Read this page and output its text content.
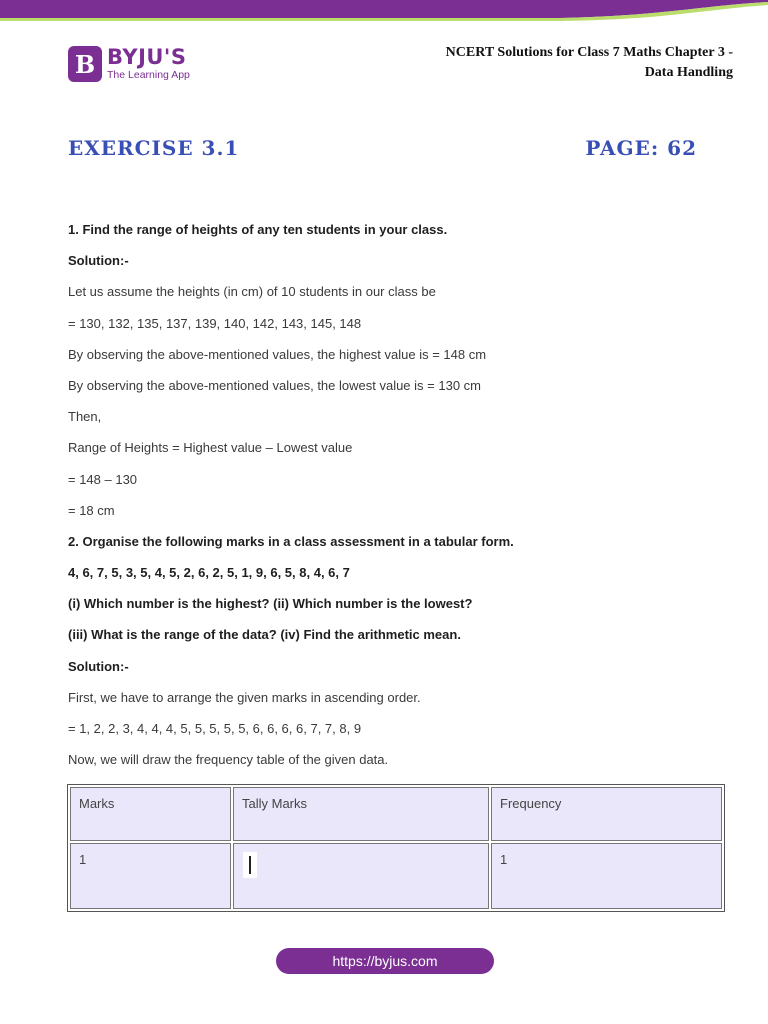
B BYJU'S
The Learning App
NCERT Solutions for Class 7 Maths Chapter 3 -
Data Handling
EXERCISE 3.1	PAGE: 62
1. Find the range of heights of any ten students in your class.
Solution:-
Let us assume the heights (in cm) of 10 students in our class be
= 130, 132, 135, 137, 139, 140, 142, 143, 145, 148
By observing the above-mentioned values, the highest value is = 148 cm
By observing the above-mentioned values, the lowest value is = 130 cm
Then,
Range of Heights = Highest value – Lowest value
= 148 – 130
= 18 cm
2. Organise the following marks in a class assessment in a tabular form.
4, 6, 7, 5, 3, 5, 4, 5, 2, 6, 2, 5, 1, 9, 6, 5, 8, 4, 6, 7
(i) Which number is the highest? (ii) Which number is the lowest?
(iii) What is the range of the data? (iv) Find the arithmetic mean.
Solution:-
First, we have to arrange the given marks in ascending order.
= 1, 2, 2, 3, 4, 4, 4, 5, 5, 5, 5, 5, 6, 6, 6, 6, 7, 7, 8, 9
Now, we will draw the frequency table of the given data.
Marks	Tally Marks	Frequency
1		1
https://byjus.com
